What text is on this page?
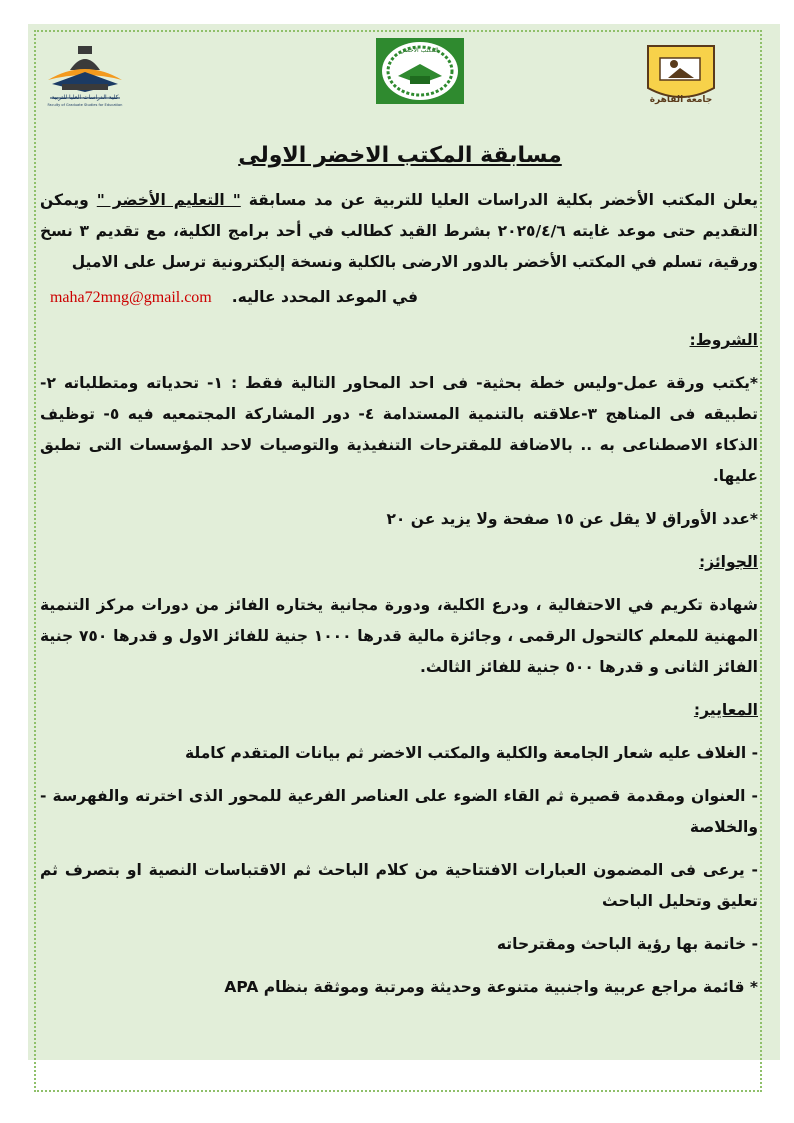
كلية الدراسات العليا للتربية
Faculty of Graduate Studies for Education
المكتب الأخضر
جامعة القاهرة
مسابقة المكتب الاخضر الاولى

يعلن المكتب الأخضر بكلية الدراسات العليا للتربية عن مد مسابقة " التعليم الأخضر " ويمكن التقديم حتى موعد غايته ٢٠٢٥/٤/٦ بشرط القيد كطالب في أحد برامج الكلية، مع تقديم ٣ نسخ ورقية، تسلم في المكتب الأخضر بالدور الارضى بالكلية ونسخة إليكترونية ترسل على الاميل

في الموعد المحدد عاليه.
maha72mng@gmail.com

الشروط:

*يكتب ورقة عمل-وليس خطة بحثية- فى احد المحاور التالية فقط : ١- تحدياته ومتطلباته ٢-تطبيقه فى المناهج ٣-علاقته بالتنمية المستدامة ٤- دور المشاركة المجتمعيه فيه ٥- توظيف الذكاء الاصطناعى به .. بالاضافة للمقترحات التنفيذية والتوصيات لاحد المؤسسات التى تطبق عليها.

*عدد الأوراق لا يقل عن ١٥ صفحة ولا يزيد عن ٢٠

الجوائز:

شهادة تكريم في الاحتفالية ، ودرع الكلية، ودورة مجانية يختاره الفائز من دورات مركز التنمية المهنية للمعلم كالتحول الرقمى ، وجائزة مالية قدرها ١٠٠٠ جنية للفائز الاول و قدرها ٧٥٠ جنية الفائز الثانى و قدرها ٥٠٠ جنية للفائز الثالث.

المعايير:

- الغلاف عليه شعار الجامعة والكلية والمكتب الاخضر ثم بيانات المتقدم كاملة

- العنوان ومقدمة قصيرة ثم القاء الضوء على العناصر الفرعية للمحور الذى اخترته والفهرسة - والخلاصة

- يرعى فى المضمون العبارات الافتتاحية من كلام الباحث ثم الاقتباسات النصية او بتصرف ثم تعليق وتحليل الباحث

- خاتمة بها رؤية الباحث ومقترحاته

* قائمة مراجع عربية واجنبية متنوعة وحديثة ومرتبة وموثقة بنظام APA
